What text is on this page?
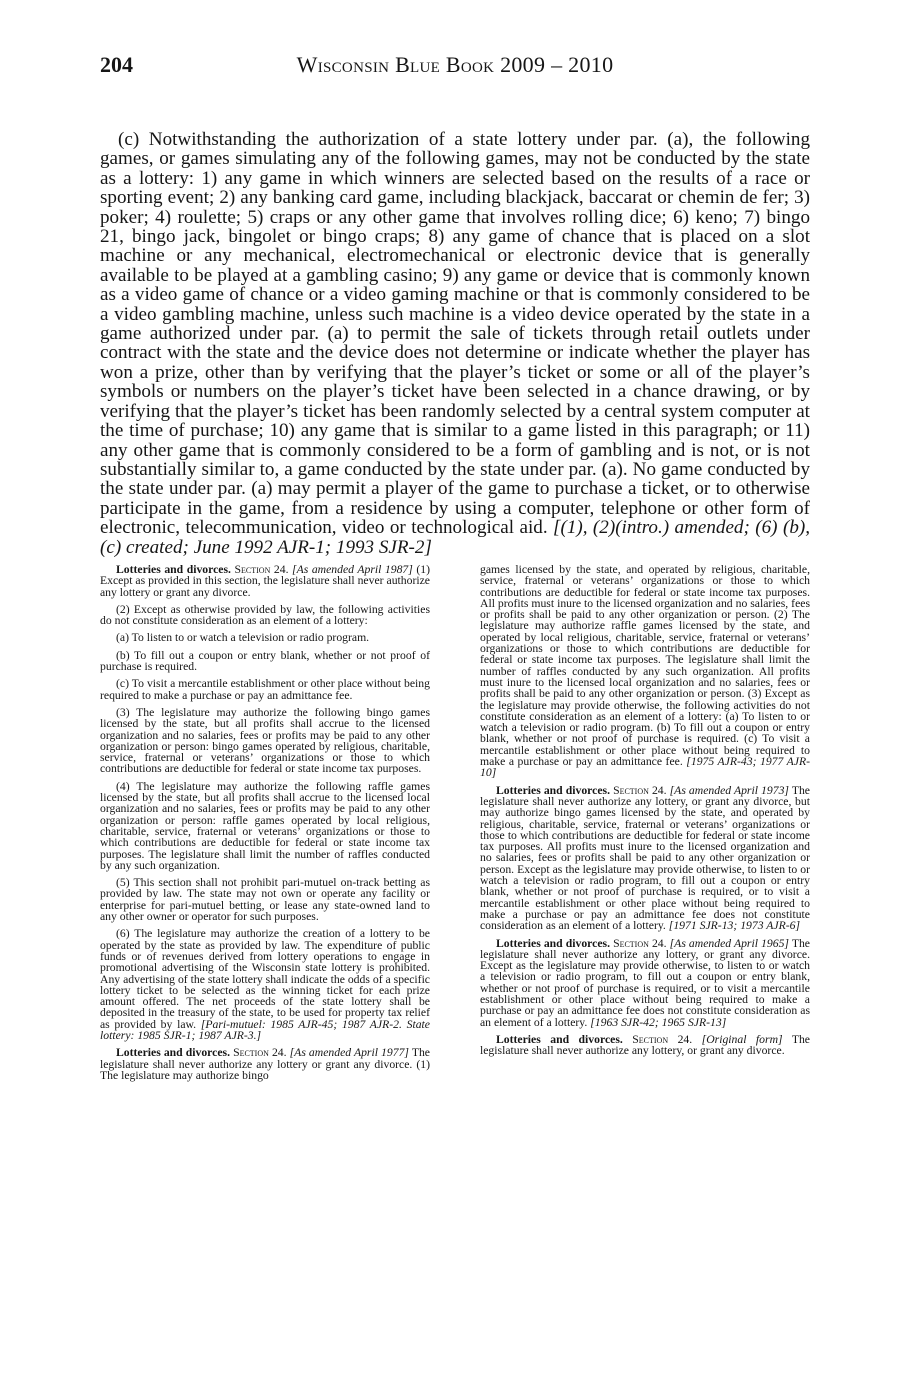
204	Wisconsin Blue Book 2009 – 2010

(c) Notwithstanding the authorization of a state lottery under par. (a), the following games, or games simulating any of the following games, may not be conducted by the state as a lottery: 1) any game in which winners are selected based on the results of a race or sporting event; 2) any banking card game, including blackjack, baccarat or chemin de fer; 3) poker; 4) roulette; 5) craps or any other game that involves rolling dice; 6) keno; 7) bingo 21, bingo jack, bingolet or bingo craps; 8) any game of chance that is placed on a slot machine or any mechanical, electromechanical or electronic device that is generally available to be played at a gambling casino; 9) any game or device that is commonly known as a video game of chance or a video gaming machine or that is commonly considered to be a video gambling machine, unless such machine is a video device operated by the state in a game authorized under par. (a) to permit the sale of tickets through retail outlets under contract with the state and the device does not determine or indicate whether the player has won a prize, other than by verifying that the player’s ticket or some or all of the player’s symbols or numbers on the player’s ticket have been selected in a chance drawing, or by verifying that the player’s ticket has been randomly selected by a central system computer at the time of purchase; 10) any game that is similar to a game listed in this paragraph; or 11) any other game that is commonly considered to be a form of gambling and is not, or is not substantially similar to, a game conducted by the state under par. (a). No game conducted by the state under par. (a) may permit a player of the game to purchase a ticket, or to otherwise participate in the game, from a residence by using a computer, telephone or other form of electronic, telecommunication, video or technological aid. [(1), (2)(intro.) amended; (6) (b), (c) created; June 1992 AJR-1; 1993 SJR-2]

Lotteries and divorces. Section 24. [As amended April 1987] (1) Except as provided in this section, the legislature shall never authorize any lottery or grant any divorce.

(2) Except as otherwise provided by law, the following activities do not constitute consideration as an element of a lottery:

(a) To listen to or watch a television or radio program.

(b) To fill out a coupon or entry blank, whether or not proof of purchase is required.

(c) To visit a mercantile establishment or other place without being required to make a purchase or pay an admittance fee.

(3) The legislature may authorize the following bingo games licensed by the state, but all profits shall accrue to the licensed organization and no salaries, fees or profits may be paid to any other organization or person: bingo games operated by religious, charitable, service, fraternal or veterans’ organizations or those to which contributions are deductible for federal or state income tax purposes.

(4) The legislature may authorize the following raffle games licensed by the state, but all profits shall accrue to the licensed local organization and no salaries, fees or profits may be paid to any other organization or person: raffle games operated by local religious, charitable, service, fraternal or veterans’ organizations or those to which contributions are deductible for federal or state income tax purposes. The legislature shall limit the number of raffles conducted by any such organization.

(5) This section shall not prohibit pari-mutuel on-track betting as provided by law. The state may not own or operate any facility or enterprise for pari-mutuel betting, or lease any state-owned land to any other owner or operator for such purposes.

(6) The legislature may authorize the creation of a lottery to be operated by the state as provided by law. The expenditure of public funds or of revenues derived from lottery operations to engage in promotional advertising of the Wisconsin state lottery is prohibited. Any advertising of the state lottery shall indicate the odds of a specific lottery ticket to be selected as the winning ticket for each prize amount offered. The net proceeds of the state lottery shall be deposited in the treasury of the state, to be used for property tax relief as provided by law. [Pari-mutuel: 1985 AJR-45; 1987 AJR-2. State lottery: 1985 SJR-1; 1987 AJR-3.]

Lotteries and divorces. Section 24. [As amended April 1977] The legislature shall never authorize any lottery or grant any divorce. (1) The legislature may authorize bingo

games licensed by the state, and operated by religious, charitable, service, fraternal or veterans’ organizations or those to which contributions are deductible for federal or state income tax purposes. All profits must inure to the licensed organization and no salaries, fees or profits shall be paid to any other organization or person. (2) The legislature may authorize raffle games licensed by the state, and operated by local religious, charitable, service, fraternal or veterans’ organizations or those to which contributions are deductible for federal or state income tax purposes. The legislature shall limit the number of raffles conducted by any such organization. All profits must inure to the licensed local organization and no salaries, fees or profits shall be paid to any other organization or person. (3) Except as the legislature may provide otherwise, the following activities do not constitute consideration as an element of a lottery: (a) To listen to or watch a television or radio program. (b) To fill out a coupon or entry blank, whether or not proof of purchase is required. (c) To visit a mercantile establishment or other place without being required to make a purchase or pay an admittance fee. [1975 AJR-43; 1977 AJR-10]

Lotteries and divorces. Section 24. [As amended April 1973] The legislature shall never authorize any lottery, or grant any divorce, but may authorize bingo games licensed by the state, and operated by religious, charitable, service, fraternal or veterans’ organizations or those to which contributions are deductible for federal or state income tax purposes. All profits must inure to the licensed organization and no salaries, fees or profits shall be paid to any other organization or person. Except as the legislature may provide otherwise, to listen to or watch a television or radio program, to fill out a coupon or entry blank, whether or not proof of purchase is required, or to visit a mercantile establishment or other place without being required to make a purchase or pay an admittance fee does not constitute consideration as an element of a lottery. [1971 SJR-13; 1973 AJR-6]

Lotteries and divorces. Section 24. [As amended April 1965] The legislature shall never authorize any lottery, or grant any divorce. Except as the legislature may provide otherwise, to listen to or watch a television or radio program, to fill out a coupon or entry blank, whether or not proof of purchase is required, or to visit a mercantile establishment or other place without being required to make a purchase or pay an admittance fee does not constitute consideration as an element of a lottery. [1963 SJR-42; 1965 SJR-13]

Lotteries and divorces. Section 24. [Original form] The legislature shall never authorize any lottery, or grant any divorce.
